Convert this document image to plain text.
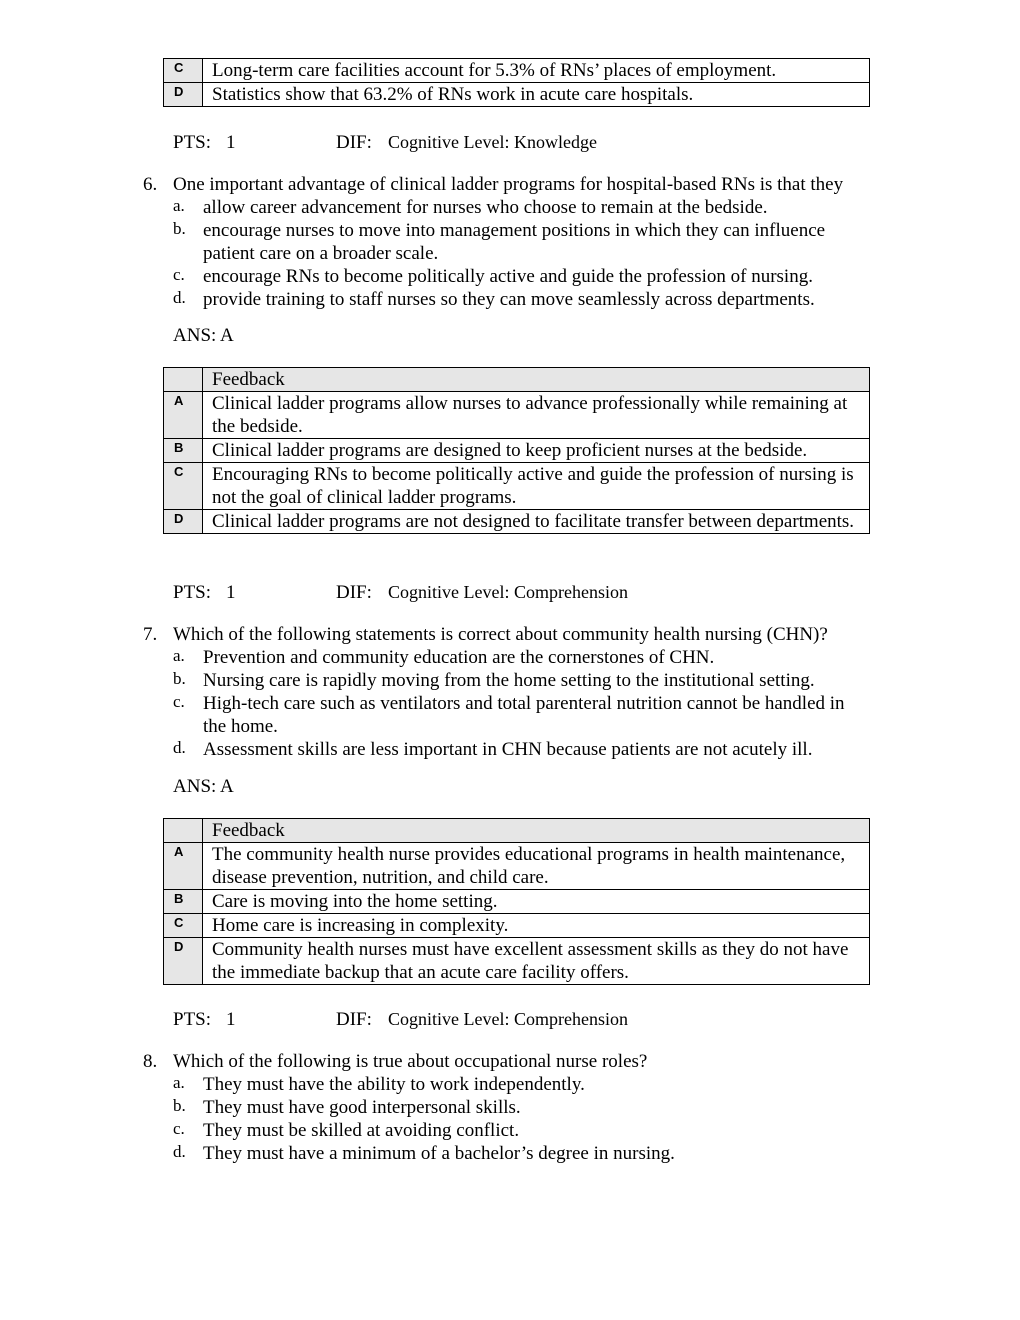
C	Long-term care facilities account for 5.3% of RNs’ places of employment.
D	Statistics show that 63.2% of RNs work in acute care hospitals.
PTS: 1	DIF: Cognitive Level: Knowledge
6. One important advantage of clinical ladder programs for hospital-based RNs is that they
a. allow career advancement for nurses who choose to remain at the bedside.
b. encourage nurses to move into management positions in which they can influence patient care on a broader scale.
c. encourage RNs to become politically active and guide the profession of nursing.
d. provide training to staff nurses so they can move seamlessly across departments.
ANS: A
	Feedback
A	Clinical ladder programs allow nurses to advance professionally while remaining at the bedside.
B	Clinical ladder programs are designed to keep proficient nurses at the bedside.
C	Encouraging RNs to become politically active and guide the profession of nursing is not the goal of clinical ladder programs.
D	Clinical ladder programs are not designed to facilitate transfer between departments.
PTS: 1	DIF: Cognitive Level: Comprehension
7. Which of the following statements is correct about community health nursing (CHN)?
a. Prevention and community education are the cornerstones of CHN.
b. Nursing care is rapidly moving from the home setting to the institutional setting.
c. High-tech care such as ventilators and total parenteral nutrition cannot be handled in the home.
d. Assessment skills are less important in CHN because patients are not acutely ill.
ANS: A
	Feedback
A	The community health nurse provides educational programs in health maintenance, disease prevention, nutrition, and child care.
B	Care is moving into the home setting.
C	Home care is increasing in complexity.
D	Community health nurses must have excellent assessment skills as they do not have the immediate backup that an acute care facility offers.
PTS: 1	DIF: Cognitive Level: Comprehension
8. Which of the following is true about occupational nurse roles?
a. They must have the ability to work independently.
b. They must have good interpersonal skills.
c. They must be skilled at avoiding conflict.
d. They must have a minimum of a bachelor’s degree in nursing.
